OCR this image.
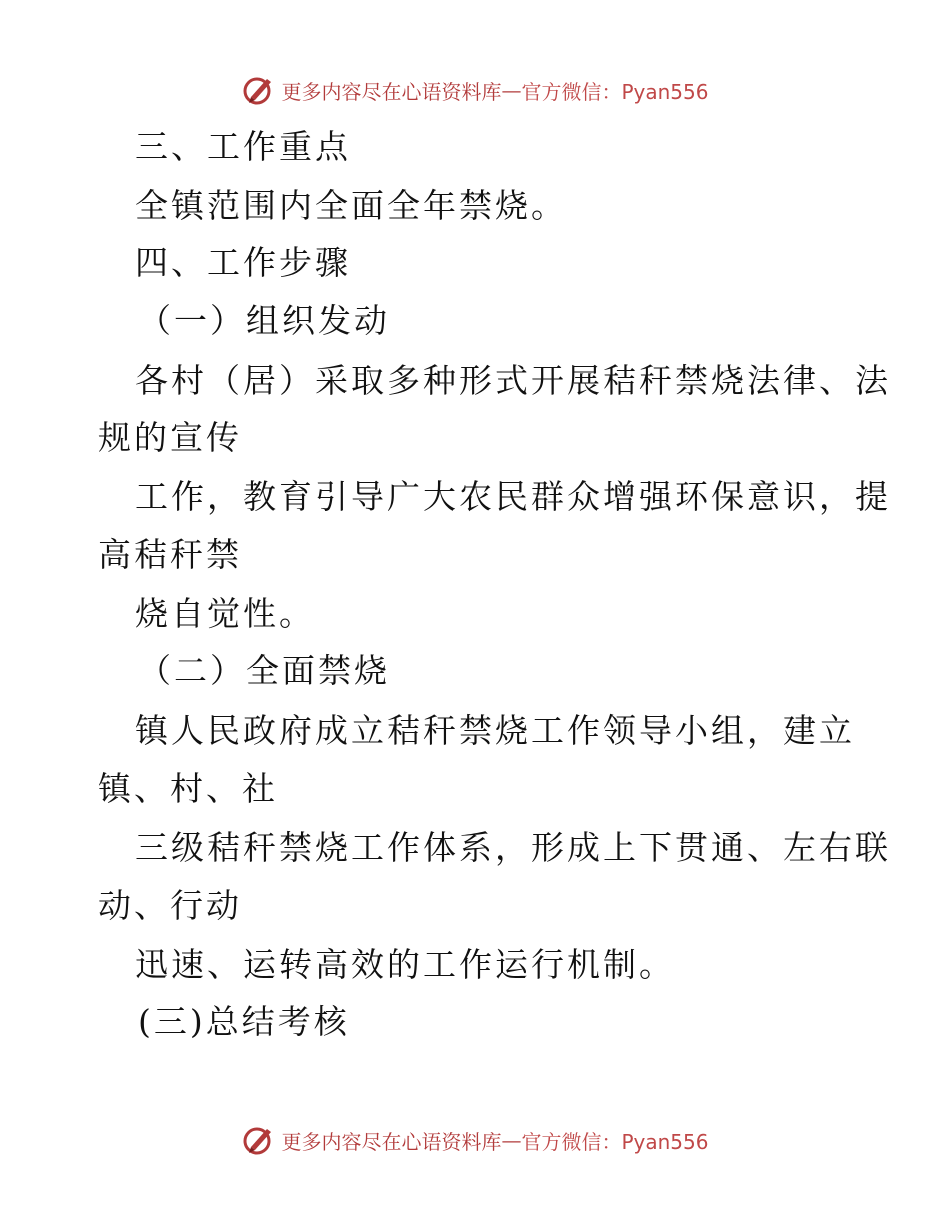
更多内容尽在心语资料库 — 官方微信：Pyan556
三、工作重点
全镇范围内全面全年禁烧。
四、工作步骤
（一）组织发动
各村（居）采取多种形式开展秸秆禁烧法律、法
规的宣传
工作，教育引导广大农民群众增强环保意识，提
高秸秆禁
烧自觉性。
（二）全面禁烧
镇人民政府成立秸秆禁烧工作领导小组，建立
镇、村、社
三级秸秆禁烧工作体系，形成上下贯通、左右联
动、行动
迅速、运转高效的工作运行机制。
(三)总结考核
更多内容尽在心语资料库 — 官方微信：Pyan556
